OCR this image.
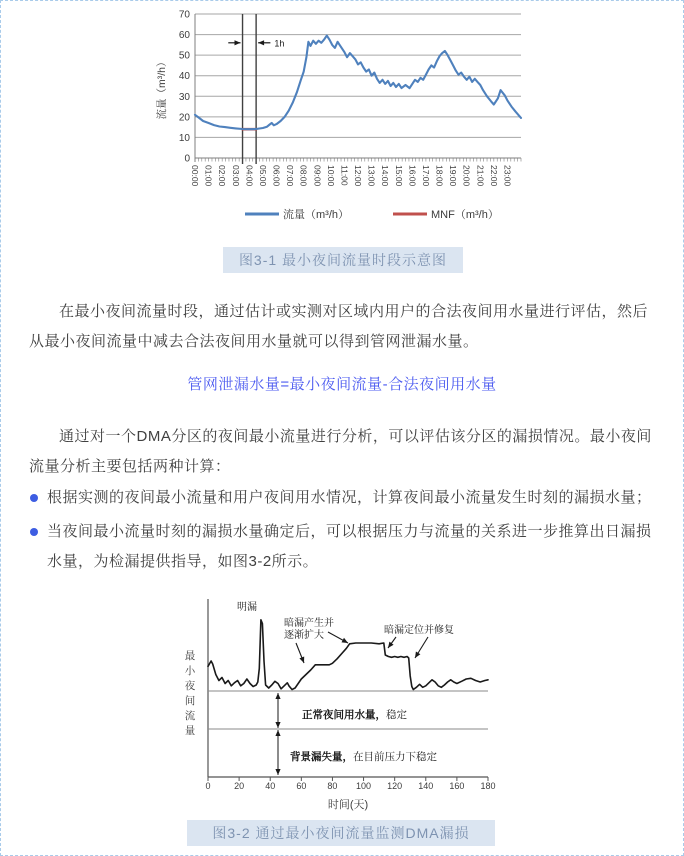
0
10
20
30
40
50
60
70
00:00 01:00 02:00 03:00 04:00 05:00 06:00 07:00 08:00 09:00 10:00 11:00 12:00 13:00 14:00 15:00 16:00 17:00 18:00 19:00 20:00 21:00 22:00 23:00
1h
流量（m³/h）
流量（m³/h）	MNF（m³/h）
图3-1 最小夜间流量时段示意图

在最小夜间流量时段，通过估计或实测对区域内用户的合法夜间用水量进行评估，然后从最小夜间流量中减去合法夜间用水量就可以得到管网泄漏水量。

管网泄漏水量=最小夜间流量-合法夜间用水量

通过对一个DMA分区的夜间最小流量进行分析，可以评估该分区的漏损情况。最小夜间流量分析主要包括两种计算：

根据实测的夜间最小流量和用户夜间用水情况，计算夜间最小流量发生时刻的漏损水量；
当夜间最小流量时刻的漏损水量确定后，可以根据压力与流量的关系进一步推算出日漏损水量，为检漏提供指导，如图3-2所示。
0	20 40 60 80 100 120 140 160 180
时间(天)
最
小
夜
间
流
量
明漏
暗漏产生并
逐渐扩大	暗漏定位并修复
正常夜间用水量，稳定
背景漏失量，在目前压力下稳定
图3-2 通过最小夜间流量监测DMA漏损
